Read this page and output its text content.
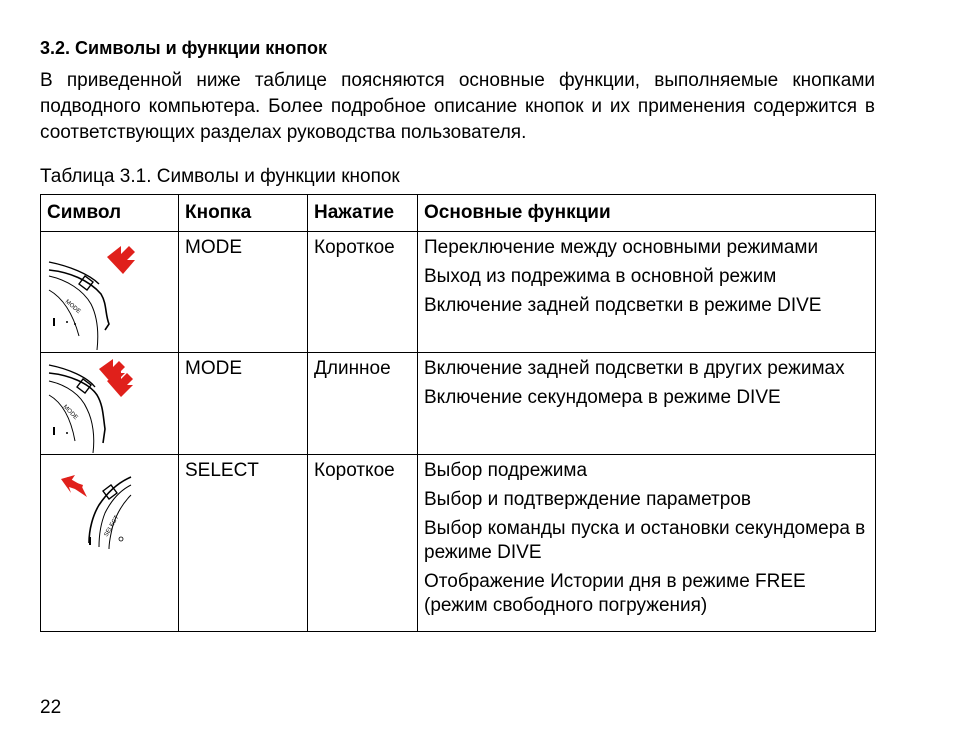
3.2. Символы и функции кнопок
В приведенной ниже таблице поясняются основные функции, выполняемые кнопками подводного компьютера. Более подробное описание кнопок и их применения содержится в соответствующих разделах руководства пользователя.
Таблица 3.1. Символы и функции кнопок
Символ	Кнопка	Нажатие	Основные функции

MODE	MODE	Короткое	Переключение между основными режимами
Выход из подрежима в основной режим
Включение задней подсветки в режиме DIVE

MODE	MODE	Длинное	Включение задней подсветки в других режимах
Включение секундомера в режиме DIVE

SELECT	SELECT	Короткое	Выбор подрежима
Выбор и подтверждение параметров
Выбор команды пуска и остановки секундомера в режиме DIVE
Отображение Истории дня в режиме FREE (режим свободного погружения)
22
